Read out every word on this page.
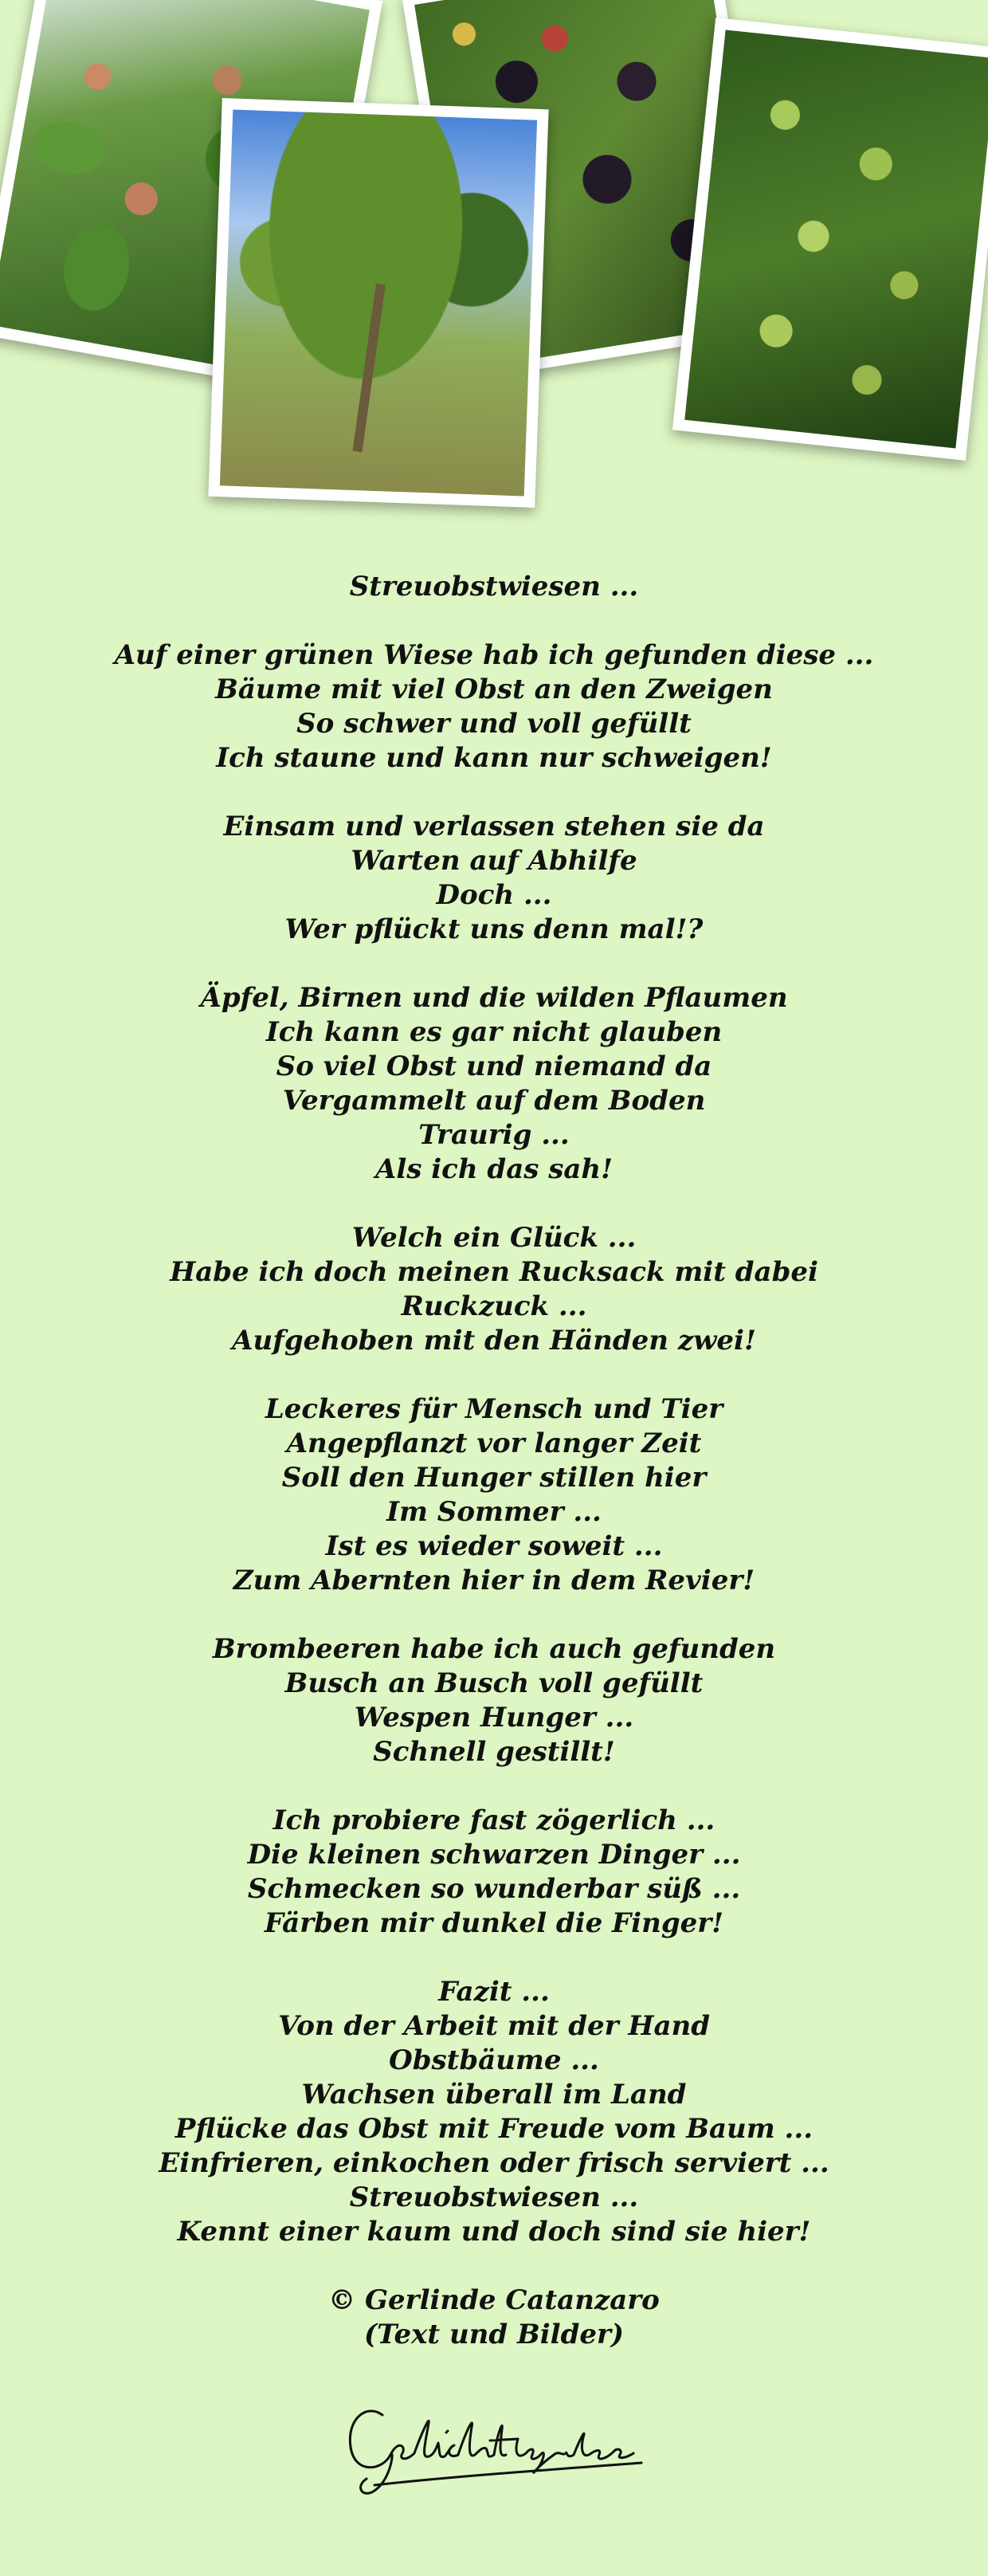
Streuobstwiesen ...

Auf einer grünen Wiese hab ich gefunden diese ...
Bäume mit viel Obst an den Zweigen
So schwer und voll gefüllt
Ich staune und kann nur schweigen!

Einsam und verlassen stehen sie da
Warten auf Abhilfe
Doch ...
Wer pflückt uns denn mal!?

Äpfel, Birnen und die wilden Pflaumen
Ich kann es gar nicht glauben
So viel Obst und niemand da
Vergammelt auf dem Boden
Traurig ...
Als ich das sah!

Welch ein Glück ...
Habe ich doch meinen Rucksack mit dabei
Ruckzuck ...
Aufgehoben mit den Händen zwei!

Leckeres für Mensch und Tier
Angepflanzt vor langer Zeit
Soll den Hunger stillen hier
Im Sommer ...
Ist es wieder soweit ...
Zum Abernten hier in dem Revier!

Brombeeren habe ich auch gefunden
Busch an Busch voll gefüllt
Wespen Hunger ...
Schnell gestillt!

Ich probiere fast zögerlich ...
Die kleinen schwarzen Dinger ...
Schmecken so wunderbar süß ...
Färben mir dunkel die Finger!

Fazit ...
Von der Arbeit mit der Hand
Obstbäume ...
Wachsen überall im Land
Pflücke das Obst mit Freude vom Baum ...
Einfrieren, einkochen oder frisch serviert ...
Streuobstwiesen ...
Kennt einer kaum und doch sind sie hier!

© Gerlinde Catanzaro
(Text und Bilder)
